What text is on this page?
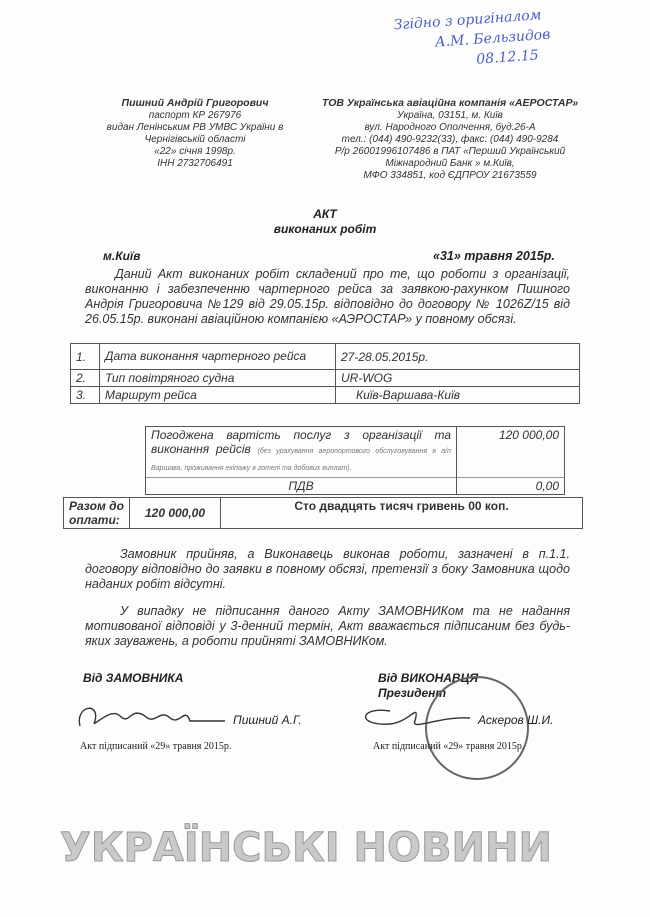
УКРАЇНСЬКІ НОВИНИ
Згідно з оригіналом
А.М. Бельзидов
08.12.15
Пишний Андрій Григорович
паспорт КР 267976
видан Ленінським РВ УМВС України в
Чернігівській області
«22» січня 1998р.
ІНН 2732706491
ТОВ Українська авіаційна компанія «АЕРОСТАР»
Україна, 03151, м. Київ
вул. Народного Ополчення, буд.26-А
тел.: (044) 490-9232(33), факс: (044) 490-9284
Р/р 26001996107486 в ПАТ «Перший Український
Міжнародний Банк » м.Київ,
МФО 334851, код ЄДПРОУ 21673559
АКТ
виконаних робіт
м.Київ	«31» травня 2015р.
Даний Акт виконаних робіт складений про те, що роботи з організації, виконанню і забезпеченню чартерного рейса за заявкою-рахунком Пишного Андрія Григоровича №129 від 29.05.15р. відповідно до договору № 1026Z/15 від 26.05.15р. виконані авіаційною компанією «АЭРОСТАР» у повному обсязі.
1.	Дата виконання чартерного рейса	27-28.05.2015р.
2.	Тип повітряного судна	UR-WOG
3.	Маршрут рейса	Київ-Варшава-Київ
Погоджена вартість послуг з організації та виконання рейсів (без урахування аеропортового обслуговування в а/п Варшава, проживання екіпажу в готелі та добових виплат).	120 000,00
ПДВ	0,00
Разом до оплати:	120 000,00	Сто двадцять тисяч гривень 00 коп.
Замовник прийняв, а Виконавець виконав роботи, зазначені в п.1.1. договору відповідно до заявки в повному обсязі, претензії з боку Замовника щодо наданих робіт відсутні.
У випадку не підписання даного Акту ЗАМОВНИКом та не надання мотивованої відповіді у 3-денний термін, Акт вважається підписаним без будь-яких зауважень, а роботи прийняті ЗАМОВНИКом.
Від ЗАМОВНИКА
Пишний А.Г.
Акт підписаний «29» травня 2015р.
Від ВИКОНАВЦЯ
Президент
Аскеров Ш.И.
Акт підписаний «29» травня 2015р.
